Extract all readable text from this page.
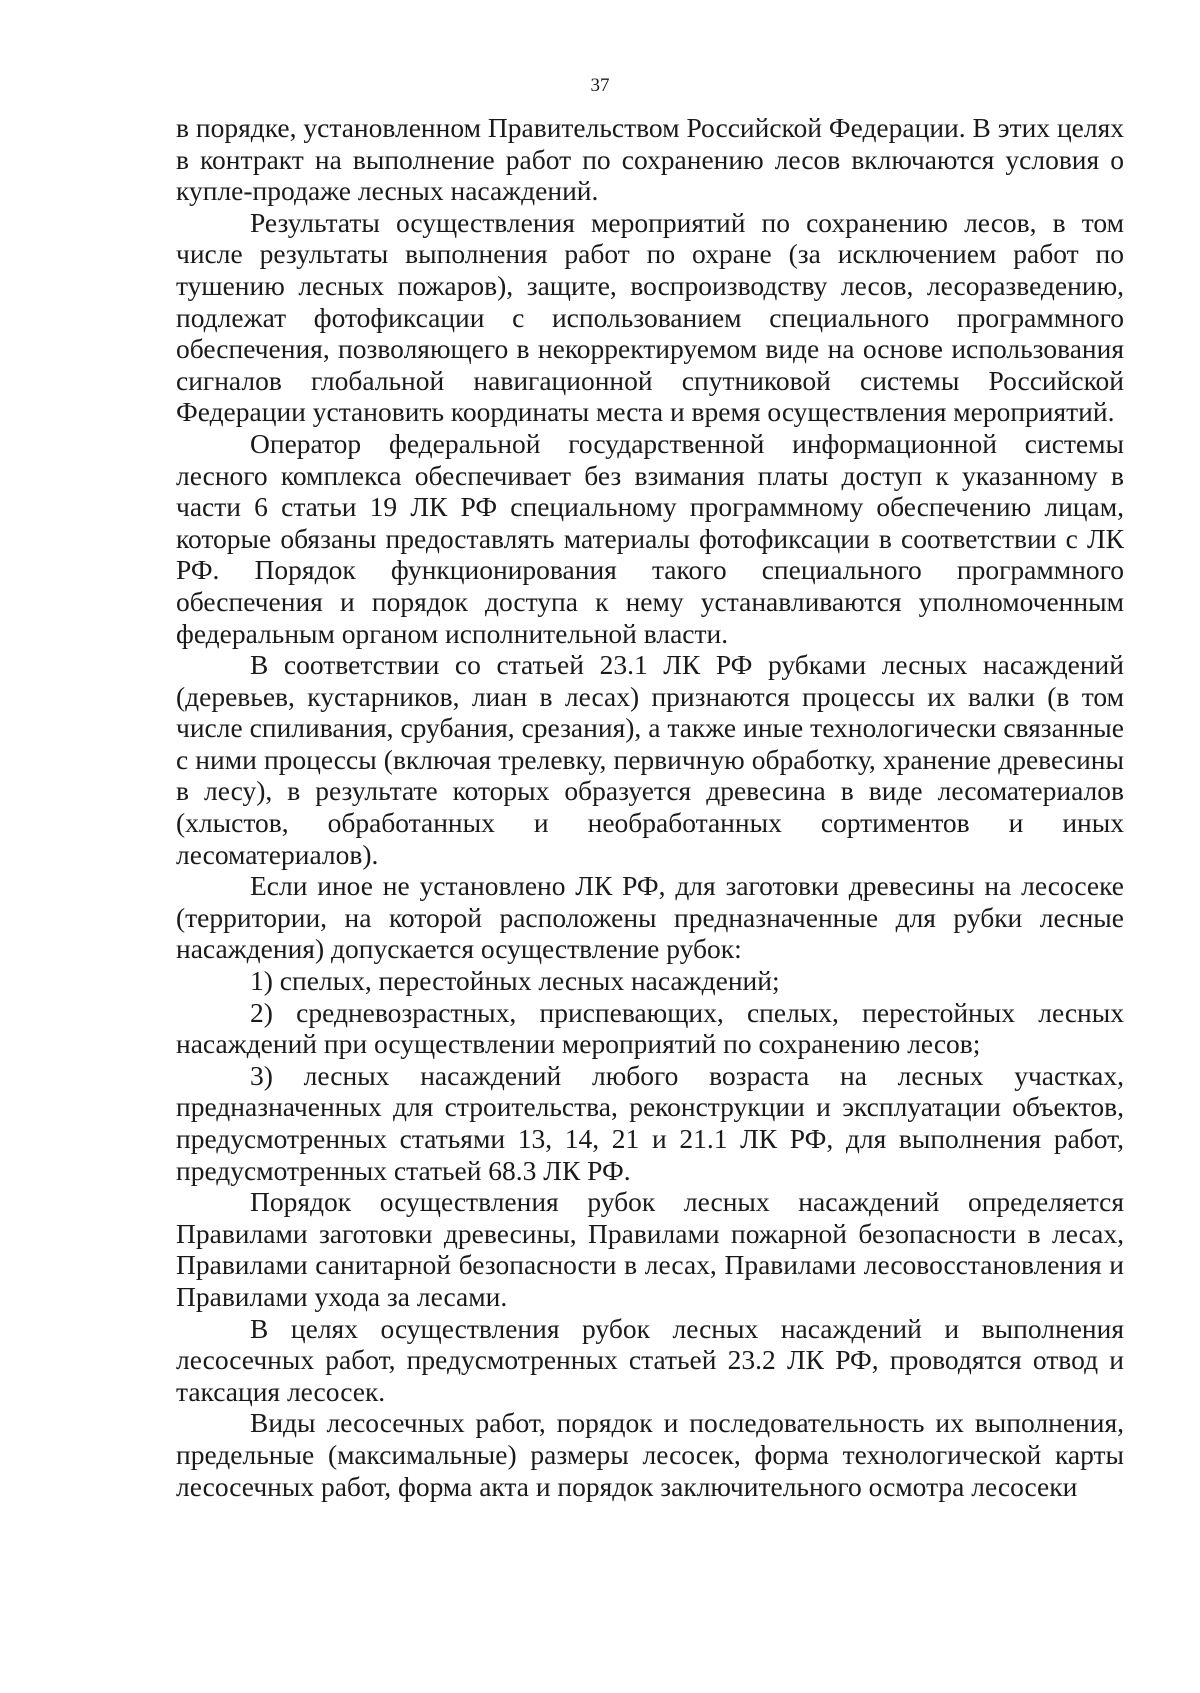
37

в порядке, установленном Правительством Российской Федерации. В этих целях в контракт на выполнение работ по сохранению лесов включаются условия о купле-продаже лесных насаждений.

Результаты осуществления мероприятий по сохранению лесов, в том числе результаты выполнения работ по охране (за исключением работ по тушению лесных пожаров), защите, воспроизводству лесов, лесоразведению, подлежат фотофиксации с использованием специального программного обеспечения, позволяющего в некорректируемом виде на основе использования сигналов глобальной навигационной спутниковой системы Российской Федерации установить координаты места и время осуществления мероприятий.

Оператор федеральной государственной информационной системы лесного комплекса обеспечивает без взимания платы доступ к указанному в части 6 статьи 19 ЛК РФ специальному программному обеспечению лицам, которые обязаны предоставлять материалы фотофиксации в соответствии с ЛК РФ. Порядок функционирования такого специального программного обеспечения и порядок доступа к нему устанавливаются уполномоченным федеральным органом исполнительной власти.

В соответствии со статьей 23.1 ЛК РФ рубками лесных насаждений (деревьев, кустарников, лиан в лесах) признаются процессы их валки (в том числе спиливания, срубания, срезания), а также иные технологически связанные с ними процессы (включая трелевку, первичную обработку, хранение древесины в лесу), в результате которых образуется древесина в виде лесоматериалов (хлыстов, обработанных и необработанных сортиментов и иных лесоматериалов).

Если иное не установлено ЛК РФ, для заготовки древесины на лесосеке (территории, на которой расположены предназначенные для рубки лесные насаждения) допускается осуществление рубок:

1) спелых, перестойных лесных насаждений;

2) средневозрастных, приспевающих, спелых, перестойных лесных насаждений при осуществлении мероприятий по сохранению лесов;

3) лесных насаждений любого возраста на лесных участках, предназначенных для строительства, реконструкции и эксплуатации объектов, предусмотренных статьями 13, 14, 21 и 21.1 ЛК РФ, для выполнения работ, предусмотренных статьей 68.3 ЛК РФ.

Порядок осуществления рубок лесных насаждений определяется Правилами заготовки древесины, Правилами пожарной безопасности в лесах, Правилами санитарной безопасности в лесах, Правилами лесовосстановления и Правилами ухода за лесами.

В целях осуществления рубок лесных насаждений и выполнения лесосечных работ, предусмотренных статьей 23.2 ЛК РФ, проводятся отвод и таксация лесосек.

Виды лесосечных работ, порядок и последовательность их выполнения, предельные (максимальные) размеры лесосек, форма технологической карты лесосечных работ, форма акта и порядок заключительного осмотра лесосеки
